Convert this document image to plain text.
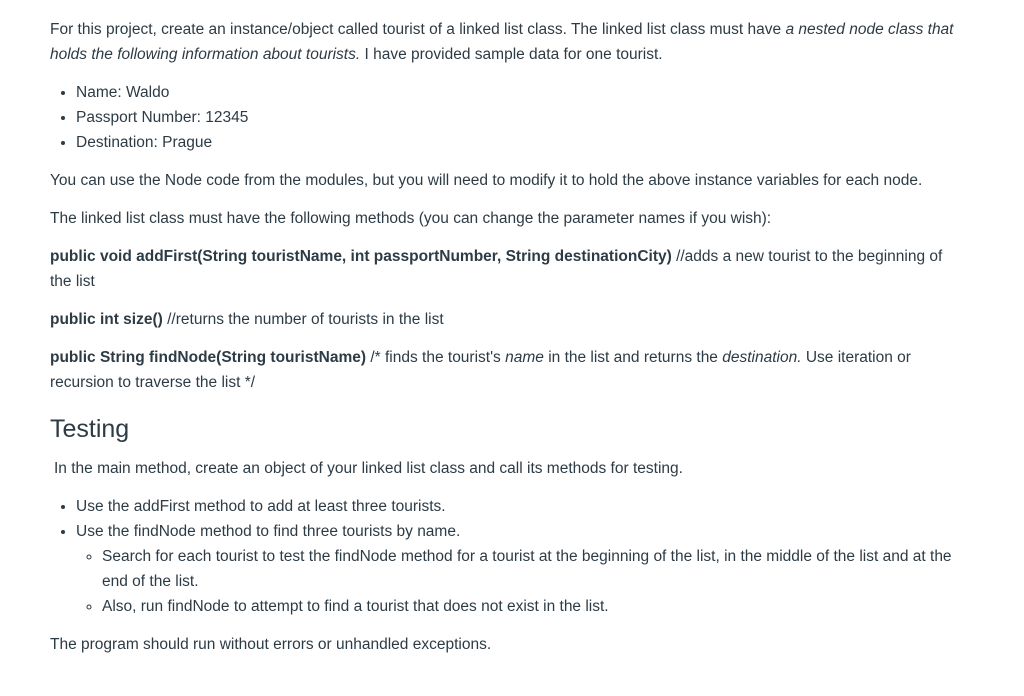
For this project, create an instance/object called tourist of a linked list class. The linked list class must have a nested node class that holds the following information about tourists. I have provided sample data for one tourist.

• Name: Waldo
• Passport Number: 12345
• Destination: Prague

You can use the Node code from the modules, but you will need to modify it to hold the above instance variables for each node.

The linked list class must have the following methods (you can change the parameter names if you wish):

public void addFirst(String touristName, int passportNumber, String destinationCity) //adds a new tourist to the beginning of the list

public int size() //returns the number of tourists in the list

public String findNode(String touristName) /* finds the tourist's name in the list and returns the destination. Use iteration or recursion to traverse the list */

Testing

In the main method, create an object of your linked list class and call its methods for testing.

• Use the addFirst method to add at least three tourists.
• Use the findNode method to find three tourists by name.
◦ Search for each tourist to test the findNode method for a tourist at the beginning of the list, in the middle of the list and at the end of the list.
◦ Also, run findNode to attempt to find a tourist that does not exist in the list.

The program should run without errors or unhandled exceptions.
